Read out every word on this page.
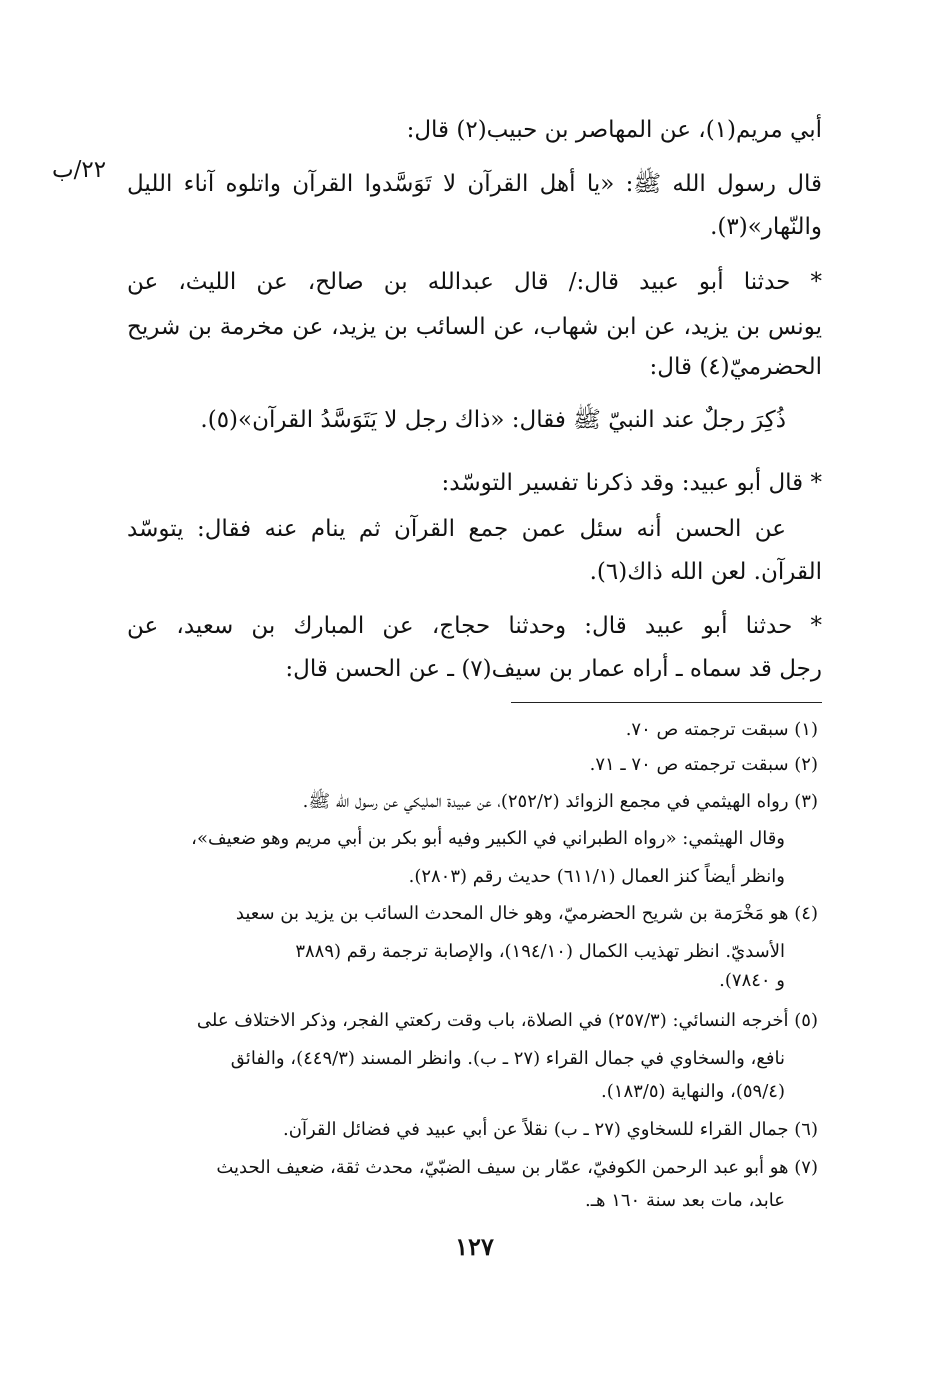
٢٢/ب
أبي مريم(١)، عن المهاصر بن حبيب(٢) قال:
قال رسول الله ﷺ: «يا أهل القرآن لا تَوَسَّدوا القرآن واتلوه آناء الليل
والنّهار»(٣).
* حدثنا أبو عبيد قال:/ قال عبدالله بن صالح، عن الليث، عن
يونس بن يزيد، عن ابن شهاب، عن السائب بن يزيد، عن مخرمة بن شريح
الحضرميّ(٤) قال:
ذُكِرَ رجلٌ عند النبيّ ﷺ فقال: «ذاك رجل لا يَتَوَسَّدُ القرآن»(٥).
* قال أبو عبيد: وقد ذكرنا تفسير التوسّد:
عن الحسن أنه سئل عمن جمع القرآن ثم ينام عنه فقال: يتوسّد
القرآن. لعن الله ذاك(٦).
* حدثنا أبو عبيد قال: وحدثنا حجاج، عن المبارك بن سعيد، عن
رجل قد سماه ـ أراه عمار بن سيف(٧) ـ عن الحسن قال:
(١) سبقت ترجمته ص ٧٠.
(٢) سبقت ترجمته ص ٧٠ ـ ٧١.
(٣) رواه الهيثمي في مجمع الزوائد (٢٥٢/٢)، عن عبيدة المليكي عن رسول الله ﷺ.
وقال الهيثمي: «رواه الطبراني في الكبير وفيه أبو بكر بن أبي مريم وهو ضعيف»،
وانظر أيضاً كنز العمال (٦١١/١) حديث رقم (٢٨٠٣).
(٤) هو مَخْرَمة بن شريح الحضرميّ، وهو خال المحدث السائب بن يزيد بن سعيد
الأسديّ. انظر تهذيب الكمال (١٩٤/١٠)، والإصابة ترجمة رقم (٣٨٨٩
و ٧٨٤٠).
(٥) أخرجه النسائي: (٢٥٧/٣) في الصلاة، باب وقت ركعتي الفجر، وذكر الاختلاف على
نافع، والسخاوي في جمال القراء (٢٧ ـ ب). وانظر المسند (٤٤٩/٣)، والفائق
(٥٩/٤)، والنهاية (١٨٣/٥).
(٦) جمال القراء للسخاوي (٢٧ ـ ب) نقلاً عن أبي عبيد في فضائل القرآن.
(٧) هو أبو عبد الرحمن الكوفيّ، عمّار بن سيف الضبّيّ، محدث ثقة، ضعيف الحديث
عابد، مات بعد سنة ١٦٠ هـ.
١٢٧
